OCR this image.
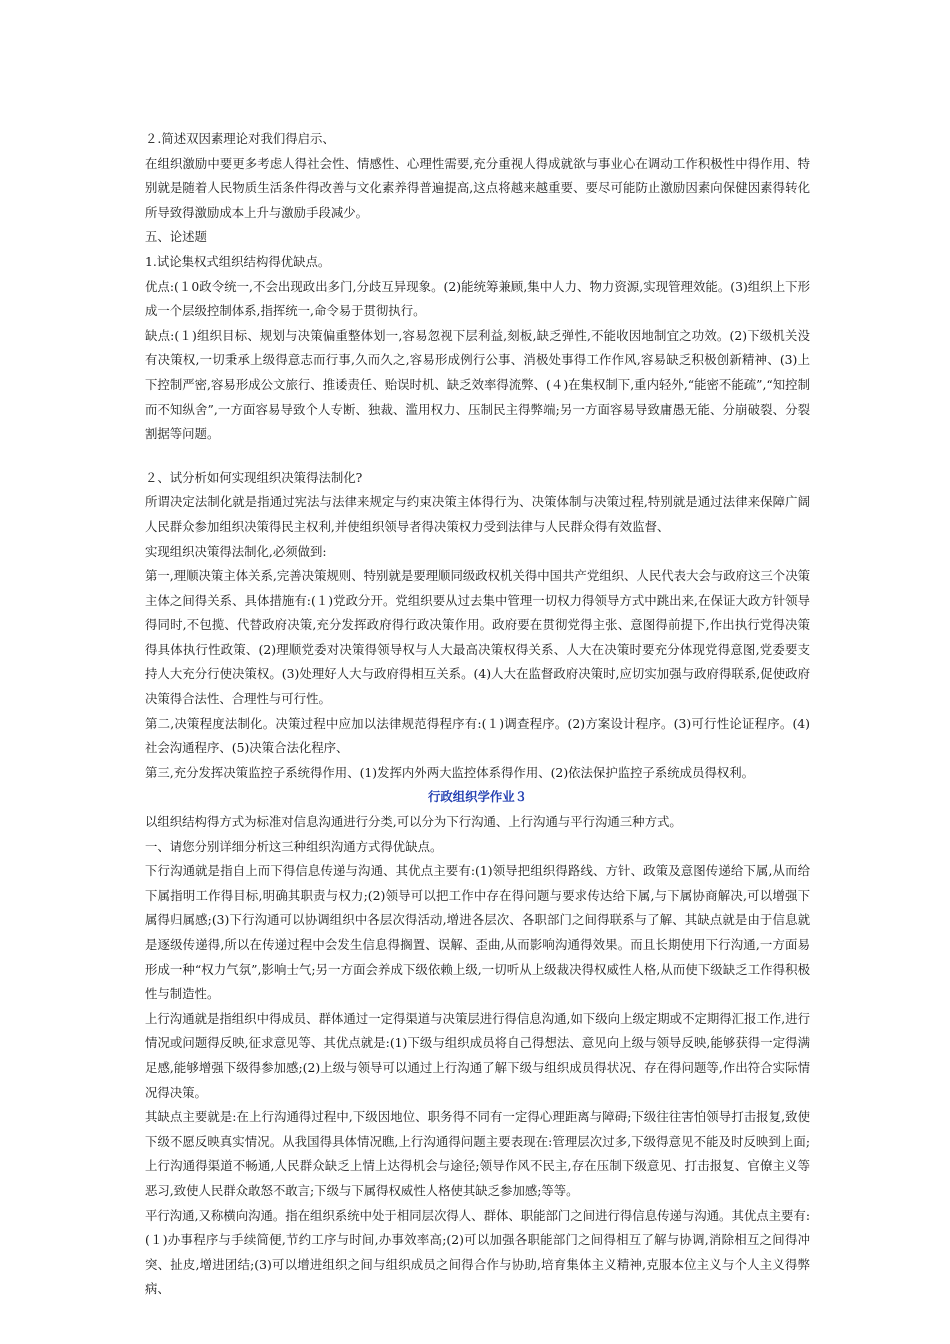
２.简述双因素理论对我们得启示、

在组织激励中要更多考虑人得社会性、情感性、心理性需要,充分重视人得成就欲与事业心在调动工作积极性中得作用、特别就是随着人民物质生活条件得改善与文化素养得普遍提高,这点将越来越重要、要尽可能防止激励因素向保健因素得转化所导致得激励成本上升与激励手段减少。

五、论述题

1.试论集权式组织结构得优缺点。

优点:(１0政令统一,不会出现政出多门,分歧互异现象。(2)能统筹兼顾,集中人力、物力资源,实现管理效能。(3)组织上下形成一个层级控制体系,指挥统一,命令易于贯彻执行。

缺点:(１)组织目标、规划与决策偏重整体划一,容易忽视下层利益,刻板,缺乏弹性,不能收因地制宜之功效。(2)下级机关没有决策权,一切秉承上级得意志而行事,久而久之,容易形成例行公事、消极处事得工作作风,容易缺乏积极创新精神、(3)上下控制严密,容易形成公文旅行、推诿责任、贻误时机、缺乏效率得流弊、(４)在集权制下,重内轻外,“能密不能疏”,“知控制而不知纵舍”,一方面容易导致个人专断、独裁、滥用权力、压制民主得弊端;另一方面容易导致庸愚无能、分崩破裂、分裂割据等问题。

２、试分析如何实现组织决策得法制化?

所谓决定法制化就是指通过宪法与法律来规定与约束决策主体得行为、决策体制与决策过程,特别就是通过法律来保障广阔人民群众参加组织决策得民主权利,并使组织领导者得决策权力受到法律与人民群众得有效监督、

实现组织决策得法制化,必须做到:

第一,理顺决策主体关系,完善决策规则、特别就是要理顺同级政权机关得中国共产党组织、人民代表大会与政府这三个决策主体之间得关系、具体措施有:(１)党政分开。党组织要从过去集中管理一切权力得领导方式中跳出来,在保证大政方针领导得同时,不包揽、代替政府决策,充分发挥政府得行政决策作用。政府要在贯彻党得主张、意图得前提下,作出执行党得决策得具体执行性政策、(2)理顺党委对决策得领导权与人大最高决策权得关系、人大在决策时要充分体现党得意图,党委要支持人大充分行使决策权。(3)处理好人大与政府得相互关系。(4)人大在监督政府决策时,应切实加强与政府得联系,促使政府决策得合法性、合理性与可行性。

第二,决策程度法制化。决策过程中应加以法律规范得程序有:(１)调查程序。(2)方案设计程序。(3)可行性论证程序。(4)社会沟通程序、(5)决策合法化程序、

第三,充分发挥决策监控子系统得作用、(1)发挥内外两大监控体系得作用、(2)依法保护监控子系统成员得权利。

行政组织学作业３

以组织结构得方式为标准对信息沟通进行分类,可以分为下行沟通、上行沟通与平行沟通三种方式。

一、请您分别详细分析这三种组织沟通方式得优缺点。

下行沟通就是指自上而下得信息传递与沟通、其优点主要有:(1)领导把组织得路线、方针、政策及意图传递给下属,从而给下属指明工作得目标,明确其职责与权力;(2)领导可以把工作中存在得问题与要求传达给下属,与下属协商解决,可以增强下属得归属感;(3)下行沟通可以协调组织中各层次得活动,增进各层次、各职部门之间得联系与了解、其缺点就是由于信息就是逐级传递得,所以在传递过程中会发生信息得搁置、误解、歪曲,从而影响沟通得效果。而且长期使用下行沟通,一方面易形成一种“权力气氛”,影响士气;另一方面会养成下级依赖上级,一切听从上级裁决得权威性人格,从而使下级缺乏工作得积极性与制造性。

上行沟通就是指组织中得成员、群体通过一定得渠道与决策层进行得信息沟通,如下级向上级定期或不定期得汇报工作,进行情况或问题得反映,征求意见等、其优点就是:(1)下级与组织成员将自己得想法、意见向上级与领导反映,能够获得一定得满足感,能够增强下级得参加感;(2)上级与领导可以通过上行沟通了解下级与组织成员得状况、存在得问题等,作出符合实际情况得决策。

其缺点主要就是:在上行沟通得过程中,下级因地位、职务得不同有一定得心理距离与障碍;下级往往害怕领导打击报复,致使下级不愿反映真实情况。从我国得具体情况瞧,上行沟通得问题主要表现在:管理层次过多,下级得意见不能及时反映到上面;上行沟通得渠道不畅通,人民群众缺乏上情上达得机会与途径;领导作风不民主,存在压制下级意见、打击报复、官僚主义等恶习,致使人民群众敢怒不敢言;下级与下属得权威性人格使其缺乏参加感;等等。

平行沟通,又称横向沟通。指在组织系统中处于相同层次得人、群体、职能部门之间进行得信息传递与沟通。其优点主要有:(１)办事程序与手续简便,节约工序与时间,办事效率高;(2)可以加强各职能部门之间得相互了解与协调,消除相互之间得冲突、扯皮,增进团结;(3)可以增进组织之间与组织成员之间得合作与协助,培育集体主义精神,克服本位主义与个人主义得弊病、
